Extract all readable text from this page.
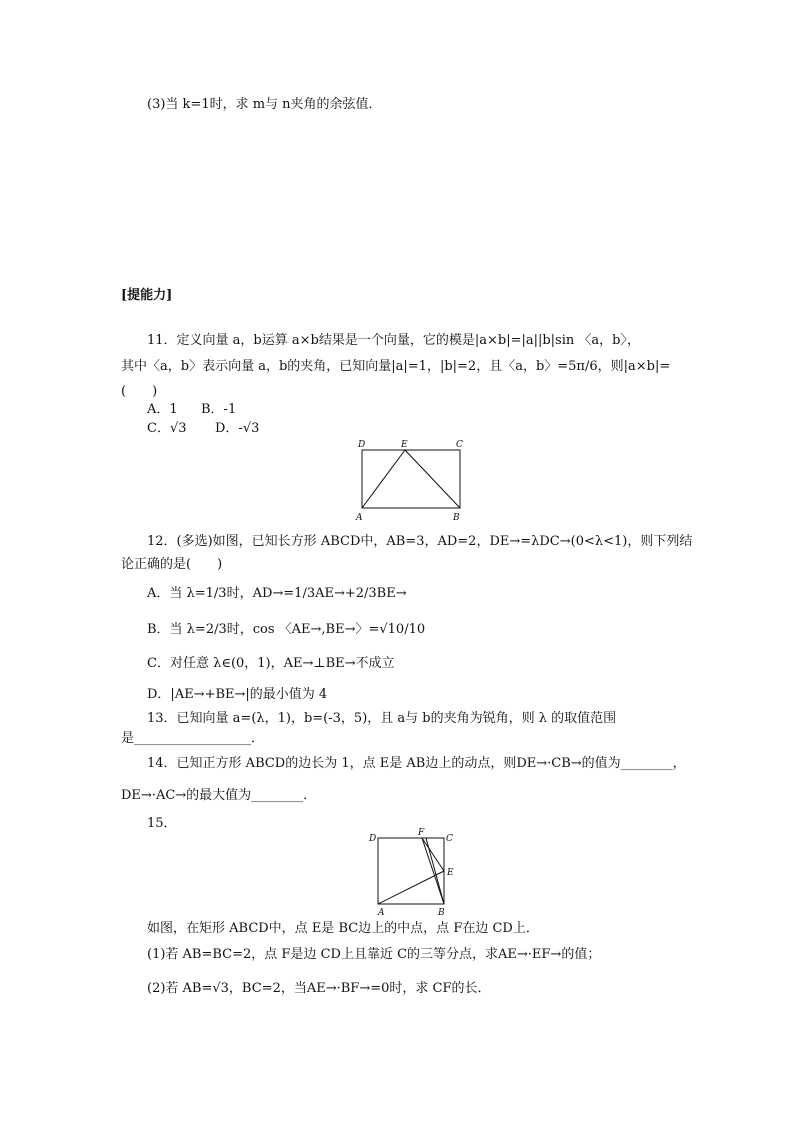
(3)当 k=1时，求 m与 n夹角的余弦值．
[提能力]
11．定义向量 a，b运算 a×b结果是一个向量，它的模是|a×b|=|a||b|sin 〈a，b〉，
其中〈a，b〉表示向量 a，b的夹角，已知向量|a|=1，|b|=2，且〈a，b〉=5π/6，则|a×b|=
(　　)
A．1 B．-1
C．√3 D．-√3
D	E	C
A	B
12．(多选)如图，已知长方形 ABCD中，AB=3，AD=2，DE→=λDC→(0<λ<1)，则下列结
论正确的是(　　)
A．当 λ=1/3时，AD→=1/3AE→+2/3BE→
B．当 λ=2/3时，cos 〈AE→,BE→〉=√10/10
C．对任意 λ∈(0，1)，AE→⊥BE→不成立
D．|AE→+BE→|的最小值为 4
13．已知向量 a=(λ，1)，b=(-3，5)，且 a与 b的夹角为锐角，则 λ 的取值范围
是__________________．
14．已知正方形 ABCD的边长为 1，点 E是 AB边上的动点，则DE→·CB→的值为________，
DE→·AC→的最大值为________．
15．
D
F
C
E
A	B
如图，在矩形 ABCD中，点 E是 BC边上的中点，点 F在边 CD上．
(1)若 AB=BC=2，点 F是边 CD上且靠近 C的三等分点，求AE→·EF→的值；
(2)若 AB=√3，BC=2，当AE→·BF→=0时，求 CF的长．
